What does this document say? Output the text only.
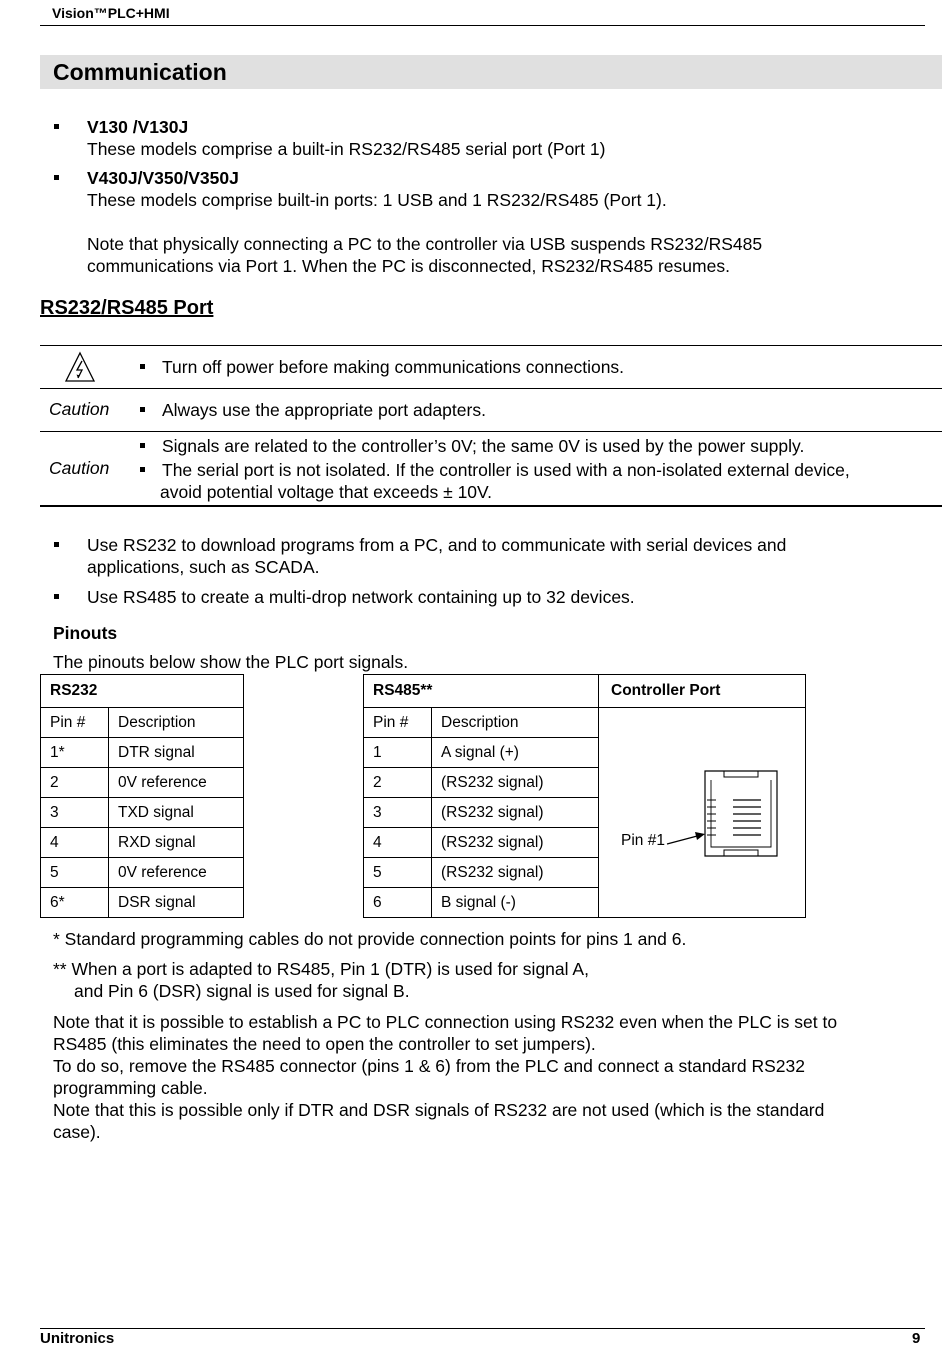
Vision™PLC+HMI
Communication
V130 /V130J
These models comprise a built-in RS232/RS485 serial port (Port 1)
V430J/V350/V350J
These models comprise built-in ports: 1 USB and 1 RS232/RS485 (Port 1).
Note that physically connecting a PC to the controller via USB suspends RS232/RS485
communications via Port 1. When the PC is disconnected, RS232/RS485 resumes.
RS232/RS485 Port
Turn off power before making communications connections.
Caution	Always use the appropriate port adapters.
Caution
Signals are related to the controller’s 0V; the same 0V is used by the power supply.
The serial port is not isolated. If the controller is used with a non-isolated external device,
avoid potential voltage that exceeds ± 10V.
Use RS232 to download programs from a PC, and to communicate with serial devices and
applications, such as SCADA.
Use RS485 to create a multi-drop network containing up to 32 devices.
Pinouts
The pinouts below show the PLC port signals.
RS232	
Pin #	Description
1*	DTR signal
2	0V reference
3	TXD signal
4	RXD signal
5	0V reference
6*	DSR signal
RS485**		Controller Port
Pin #	Description	Pin #1

1	A signal (+)	
2	(RS232 signal)	
3	(RS232 signal)	
4	(RS232 signal)	
5	(RS232 signal)	
6	B signal (-)	
* Standard programming cables do not provide connection points for pins 1 and 6.
** When a port is adapted to RS485, Pin 1 (DTR) is used for signal A,
and Pin 6 (DSR) signal is used for signal B.
Note that it is possible to establish a PC to PLC connection using RS232 even when the PLC is set to
RS485 (this eliminates the need to open the controller to set jumpers).
To do so, remove the RS485 connector (pins 1 & 6) from the PLC and connect a standard RS232
programming cable.
Note that this is possible only if DTR and DSR signals of RS232 are not used (which is the standard
case).
Unitronics	9
